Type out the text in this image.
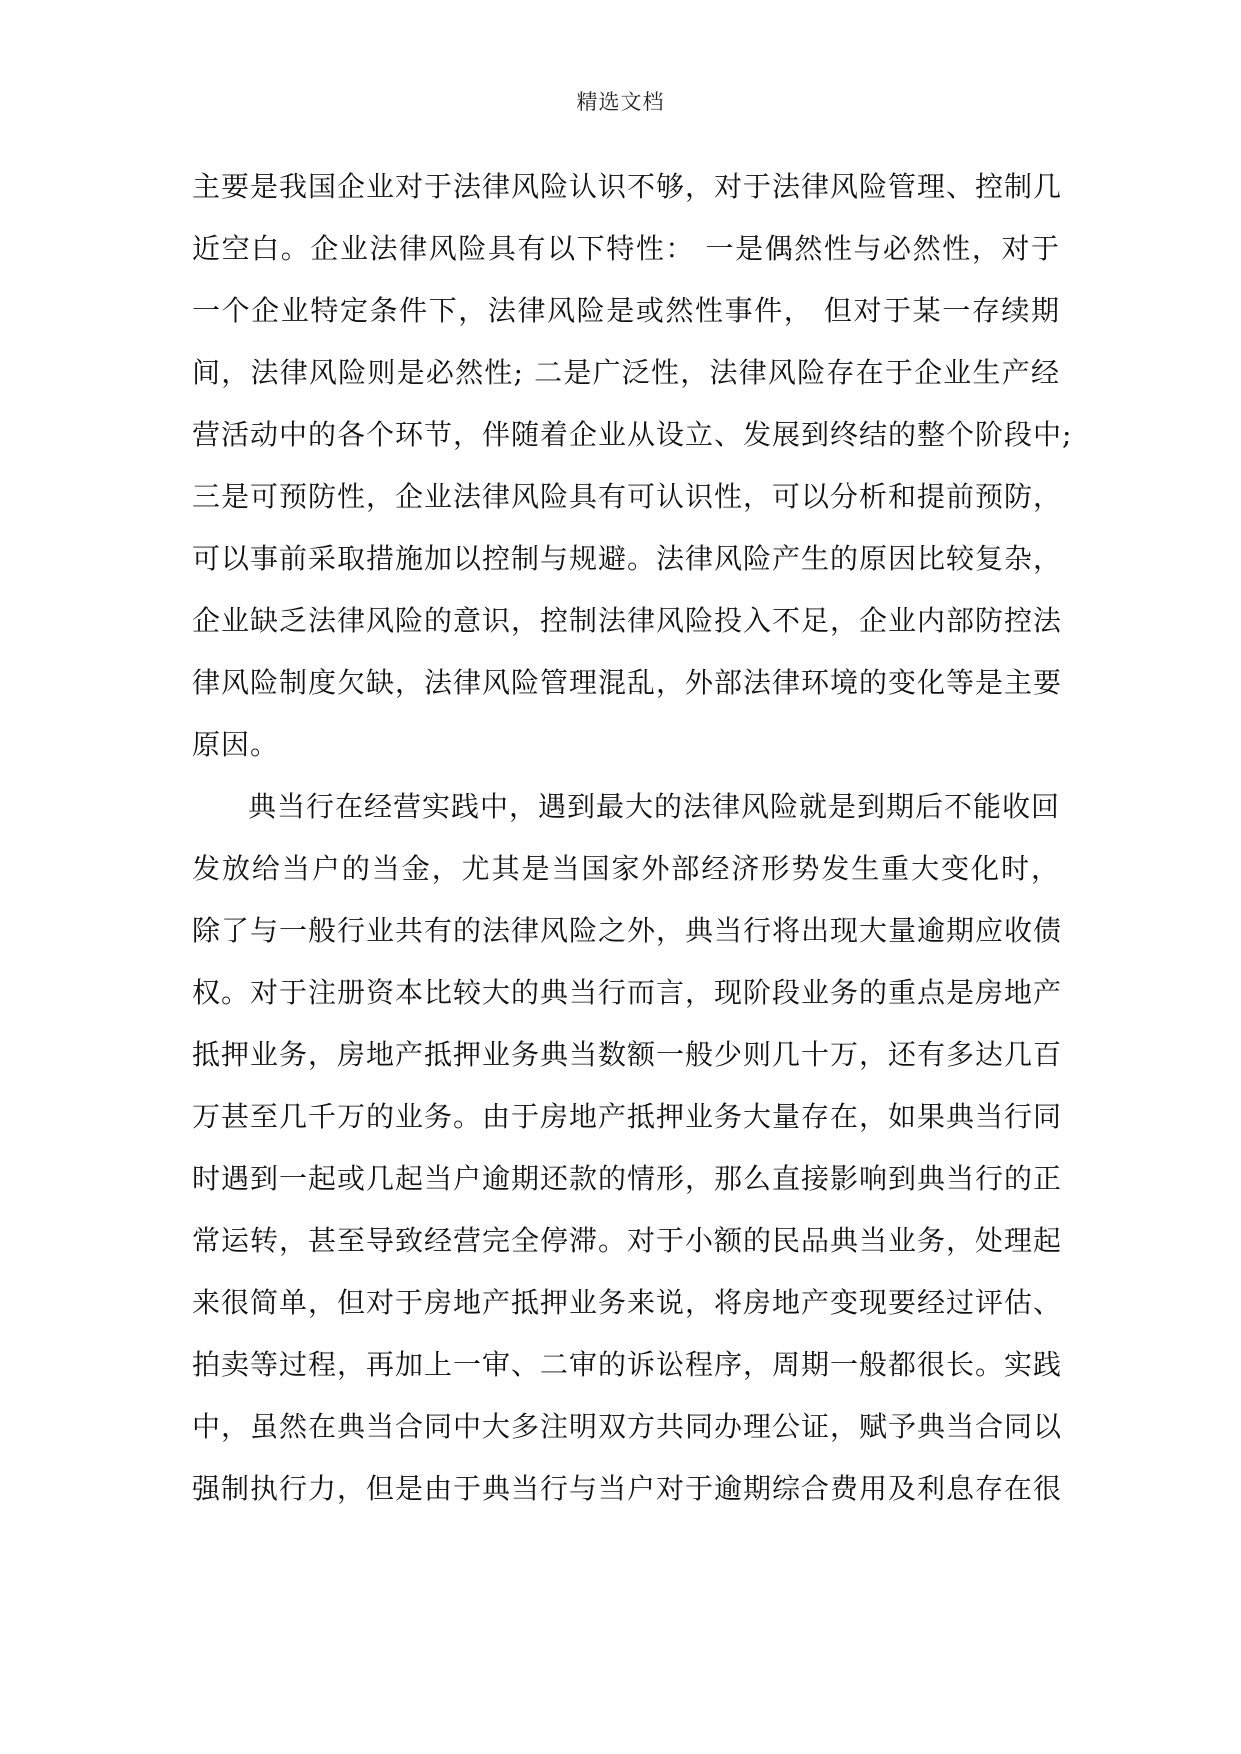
精选文档
主要是我国企业对于法律风险认识不够，对于法律风险管理、控制几
近空白。企业法律风险具有以下特性： 一是偶然性与必然性，对于
一个企业特定条件下，法律风险是或然性事件， 但对于某一存续期
间，法律风险则是必然性; 二是广泛性，法律风险存在于企业生产经
营活动中的各个环节，伴随着企业从设立、发展到终结的整个阶段中;
三是可预防性，企业法律风险具有可认识性，可以分析和提前预防，
可以事前采取措施加以控制与规避。法律风险产生的原因比较复杂，
企业缺乏法律风险的意识，控制法律风险投入不足，企业内部防控法
律风险制度欠缺，法律风险管理混乱，外部法律环境的变化等是主要
原因。
典当行在经营实践中，遇到最大的法律风险就是到期后不能收回
发放给当户的当金，尤其是当国家外部经济形势发生重大变化时，
除了与一般行业共有的法律风险之外，典当行将出现大量逾期应收债
权。对于注册资本比较大的典当行而言，现阶段业务的重点是房地产
抵押业务，房地产抵押业务典当数额一般少则几十万，还有多达几百
万甚至几千万的业务。由于房地产抵押业务大量存在，如果典当行同
时遇到一起或几起当户逾期还款的情形，那么直接影响到典当行的正
常运转，甚至导致经营完全停滞。对于小额的民品典当业务，处理起
来很简单，但对于房地产抵押业务来说，将房地产变现要经过评估、
拍卖等过程，再加上一审、二审的诉讼程序，周期一般都很长。实践
中，虽然在典当合同中大多注明双方共同办理公证，赋予典当合同以
强制执行力，但是由于典当行与当户对于逾期综合费用及利息存在很
